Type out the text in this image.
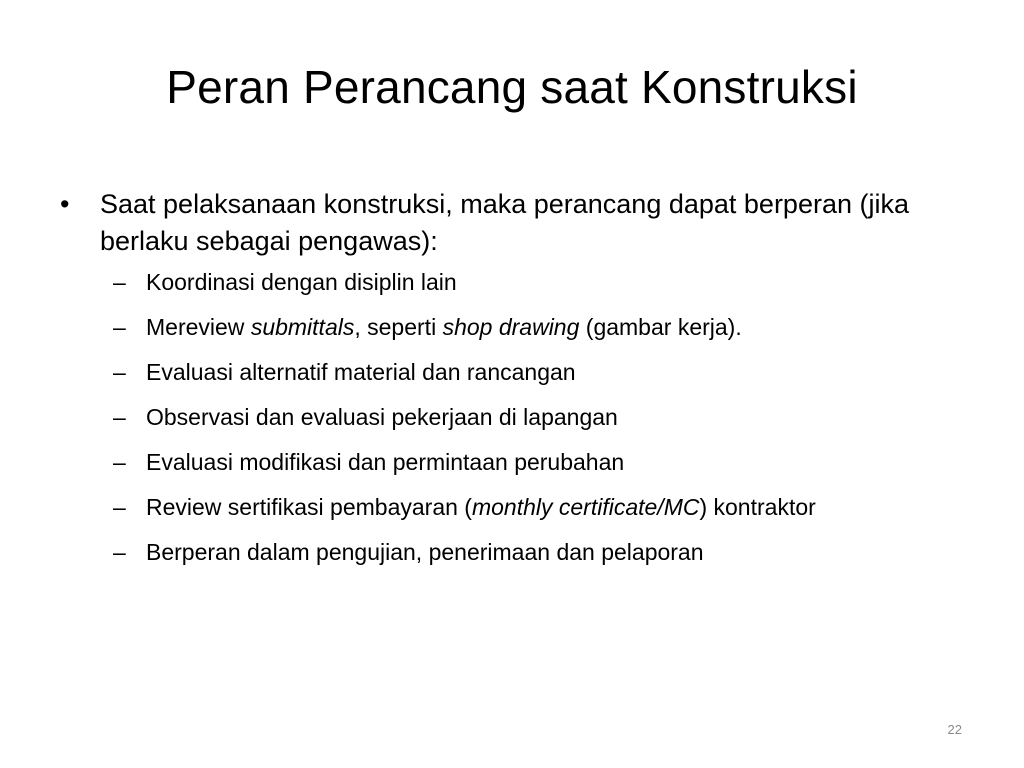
Peran Perancang saat Konstruksi
•	Saat pelaksanaan konstruksi, maka perancang dapat berperan (jika berlaku sebagai pengawas):
– Koordinasi dengan disiplin lain
– Mereview submittals, seperti shop drawing (gambar kerja).
– Evaluasi alternatif material dan rancangan
– Observasi dan evaluasi pekerjaan di lapangan
– Evaluasi modifikasi dan permintaan perubahan
– Review sertifikasi pembayaran (monthly certificate/MC) kontraktor
– Berperan dalam pengujian, penerimaan dan pelaporan
22
